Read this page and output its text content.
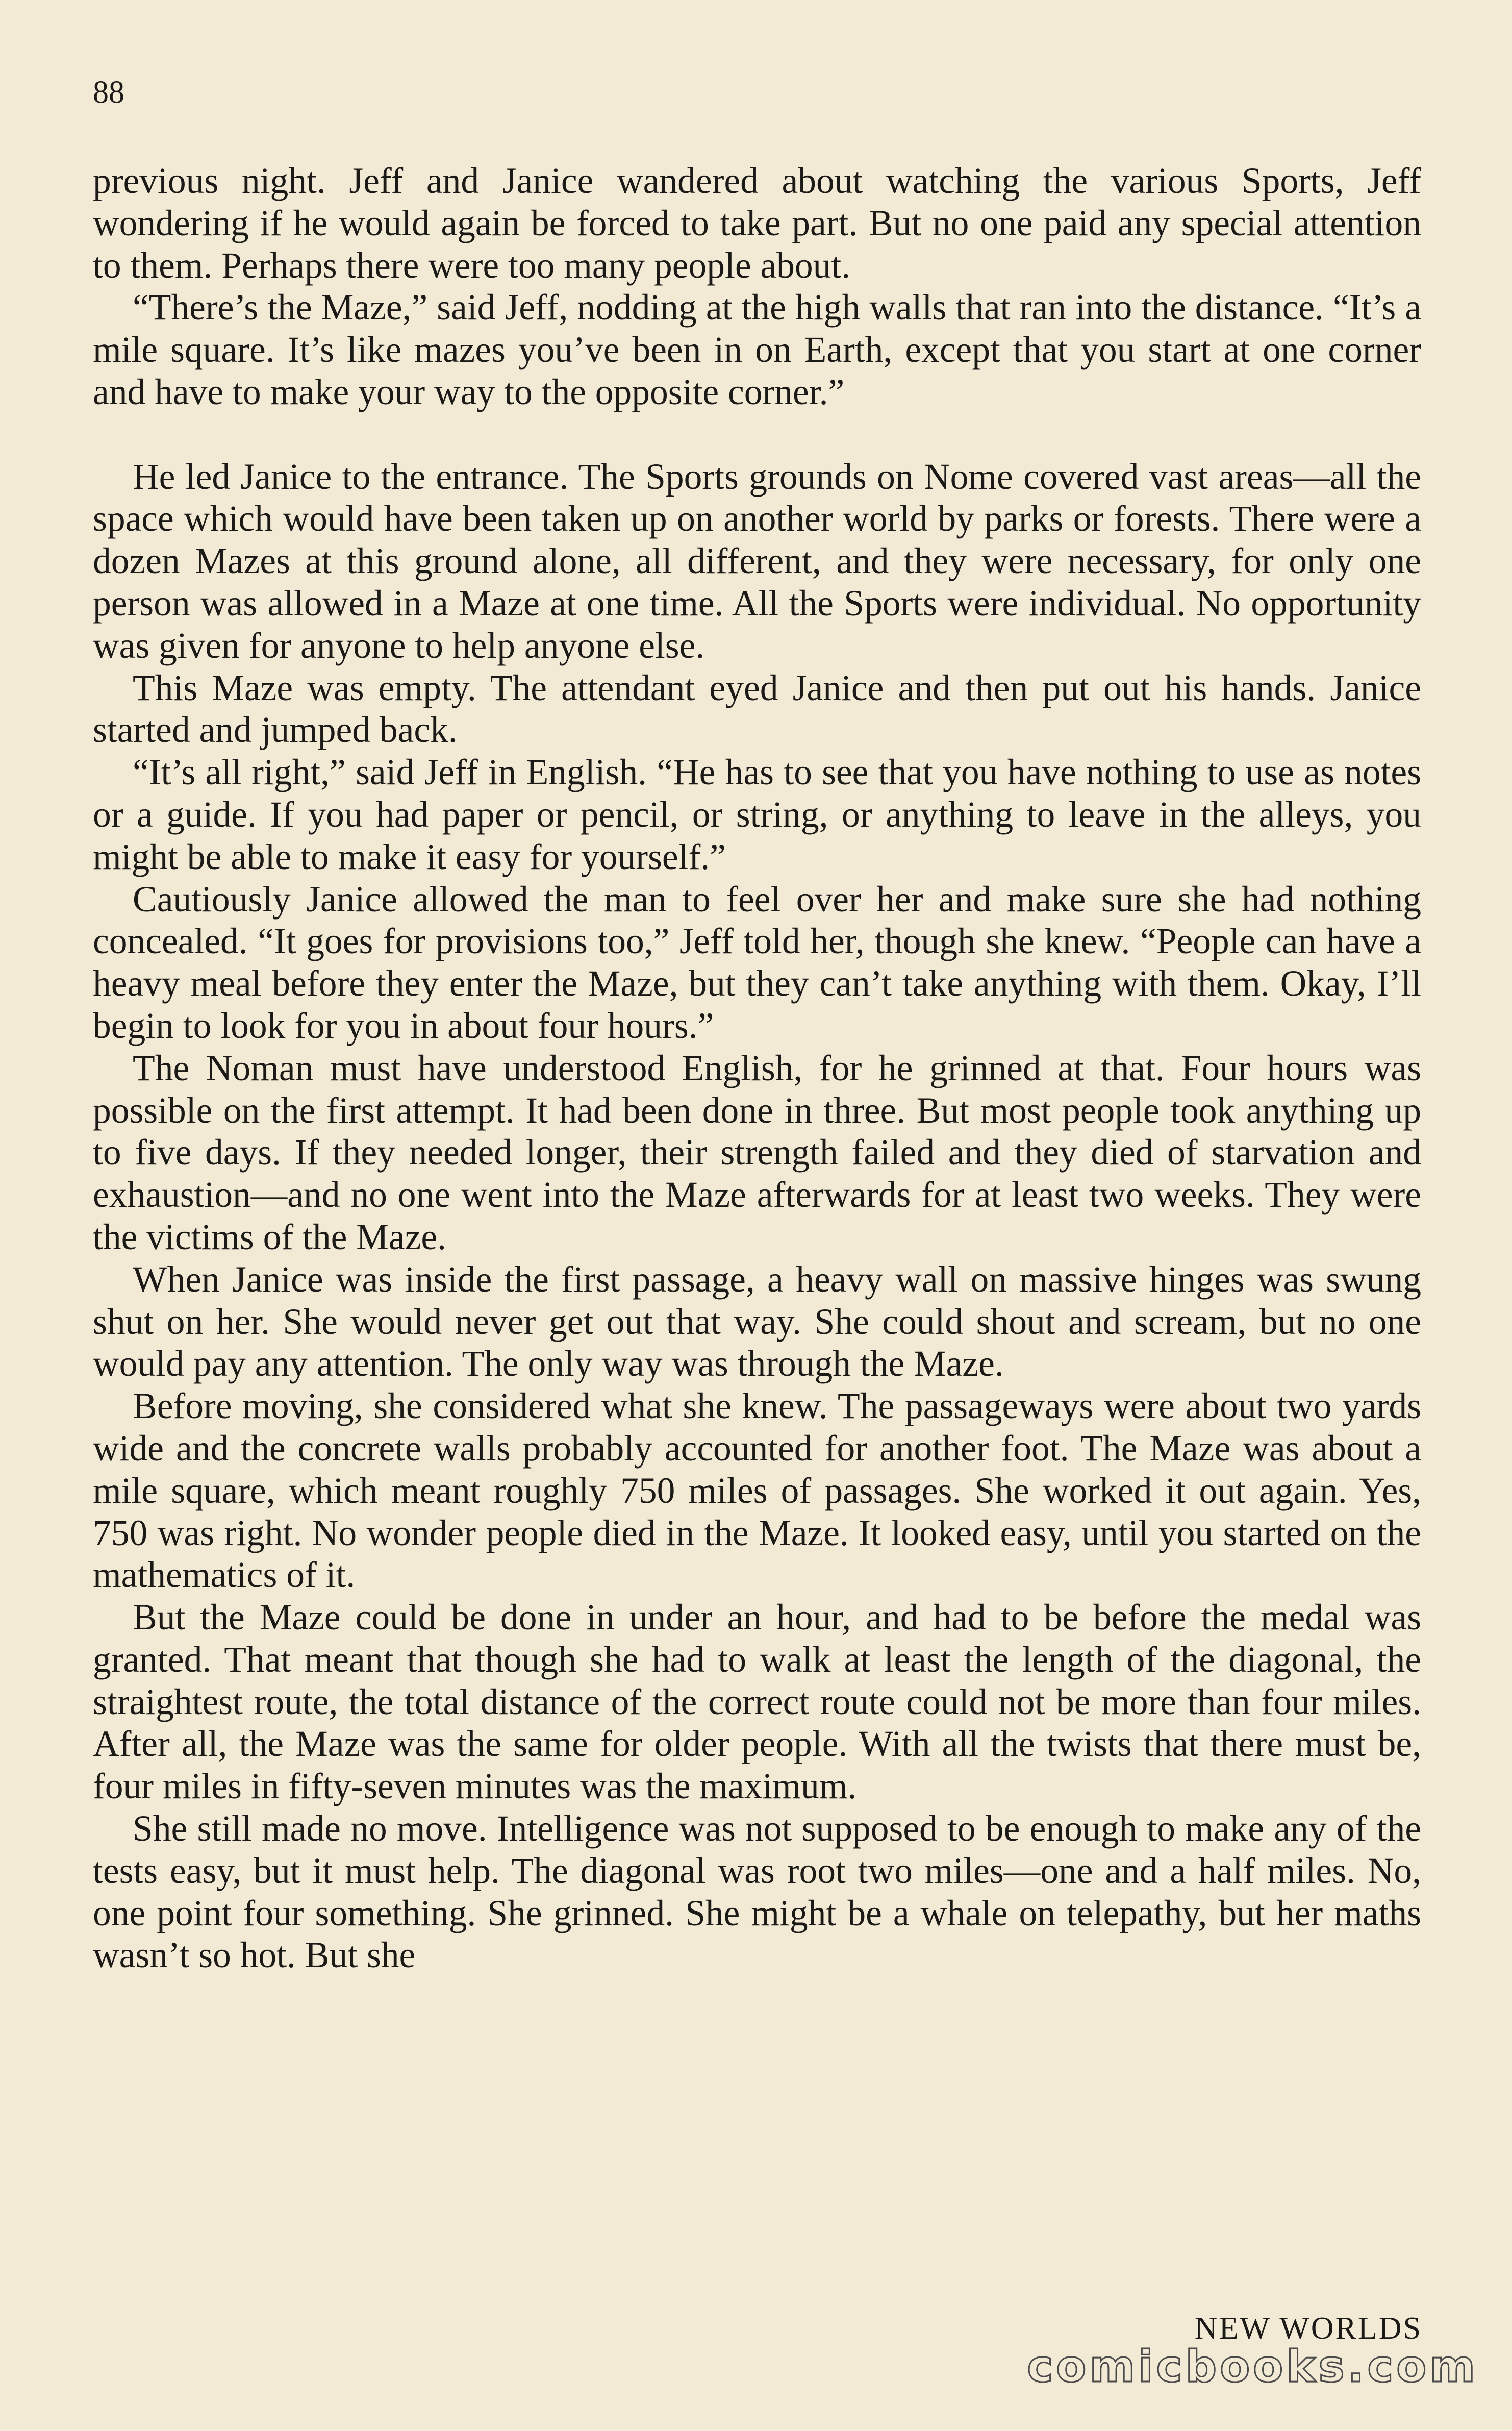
88

previous night. Jeff and Janice wandered about watching the various Sports, Jeff wondering if he would again be forced to take part. But no one paid any special attention to them. Perhaps there were too many people about.

“There’s the Maze,” said Jeff, nodding at the high walls that ran into the distance. “It’s a mile square. It’s like mazes you’ve been in on Earth, except that you start at one corner and have to make your way to the opposite corner.”

He led Janice to the entrance. The Sports grounds on Nome covered vast areas—all the space which would have been taken up on another world by parks or forests. There were a dozen Mazes at this ground alone, all different, and they were necessary, for only one person was allowed in a Maze at one time. All the Sports were individual. No opportunity was given for anyone to help anyone else.

This Maze was empty. The attendant eyed Janice and then put out his hands. Janice started and jumped back.

“It’s all right,” said Jeff in English. “He has to see that you have nothing to use as notes or a guide. If you had paper or pencil, or string, or anything to leave in the alleys, you might be able to make it easy for yourself.”

Cautiously Janice allowed the man to feel over her and make sure she had nothing concealed. “It goes for provisions too,” Jeff told her, though she knew. “People can have a heavy meal before they enter the Maze, but they can’t take anything with them. Okay, I’ll begin to look for you in about four hours.”

The Noman must have understood English, for he grinned at that. Four hours was possible on the first attempt. It had been done in three. But most people took anything up to five days. If they needed longer, their strength failed and they died of starvation and exhaustion—and no one went into the Maze afterwards for at least two weeks. They were the victims of the Maze.

When Janice was inside the first passage, a heavy wall on massive hinges was swung shut on her. She would never get out that way. She could shout and scream, but no one would pay any attention. The only way was through the Maze.

Before moving, she considered what she knew. The passageways were about two yards wide and the concrete walls probably accounted for another foot. The Maze was about a mile square, which meant roughly 750 miles of passages. She worked it out again. Yes, 750 was right. No wonder people died in the Maze. It looked easy, until you started on the mathematics of it.

But the Maze could be done in under an hour, and had to be before the medal was granted. That meant that though she had to walk at least the length of the diagonal, the straightest route, the total distance of the correct route could not be more than four miles. After all, the Maze was the same for older people. With all the twists that there must be, four miles in fifty-seven minutes was the maximum.

She still made no move. Intelligence was not supposed to be enough to make any of the tests easy, but it must help. The diagonal was root two miles—one and a half miles. No, one point four something. She grinned. She might be a whale on telepathy, but her maths wasn’t so hot. But she

NEW WORLDS
comicbooks.com
